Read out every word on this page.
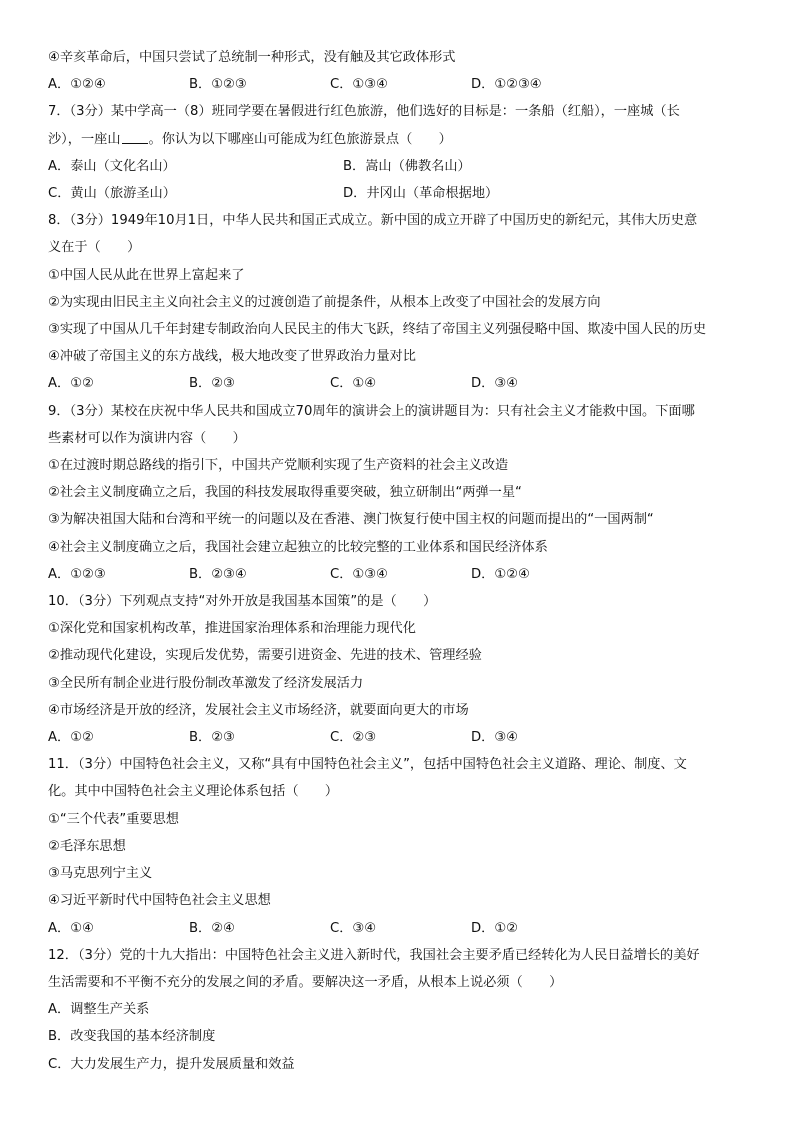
④辛亥革命后，中国只尝试了总统制一种形式，没有触及其它政体形式
A．①②④	B．①②③	C．①③④	D．①②③④
7．（3分）某中学高一（8）班同学要在暑假进行红色旅游，他们选好的目标是：一条船（红船），一座城（长
沙），一座山 。你认为以下哪座山可能成为红色旅游景点（　　）
A．泰山（文化名山）	B．嵩山（佛教名山）
C．黄山（旅游圣山）	D．井冈山（革命根据地）
8．（3分）1949年10月1日，中华人民共和国正式成立。新中国的成立开辟了中国历史的新纪元，其伟大历史意
义在于（　　）
①中国人民从此在世界上富起来了
②为实现由旧民主主义向社会主义的过渡创造了前提条件，从根本上改变了中国社会的发展方向
③实现了中国从几千年封建专制政治向人民民主的伟大飞跃，终结了帝国主义列强侵略中国、欺凌中国人民的历史
④冲破了帝国主义的东方战线，极大地改变了世界政治力量对比
A．①②	B．②③	C．①④	D．③④
9．（3分）某校在庆祝中华人民共和国成立70周年的演讲会上的演讲题目为：只有社会主义才能救中国。下面哪
些素材可以作为演讲内容（　　）
①在过渡时期总路线的指引下，中国共产党顺利实现了生产资料的社会主义改造
②社会主义制度确立之后，我国的科技发展取得重要突破，独立研制出“两弹一星“
③为解决祖国大陆和台湾和平统一的问题以及在香港、澳门恢复行使中国主权的问题而提出的“一国两制“
④社会主义制度确立之后，我国社会建立起独立的比较完整的工业体系和国民经济体系
A．①②③	B．②③④	C．①③④	D．①②④
10．（3分）下列观点支持“对外开放是我国基本国策”的是（　　）
①深化党和国家机构改革，推进国家治理体系和治理能力现代化
②推动现代化建设，实现后发优势，需要引进资金、先进的技术、管理经验
③全民所有制企业进行股份制改革激发了经济发展活力
④市场经济是开放的经济，发展社会主义市场经济，就要面向更大的市场
A．①②	B．②③	C．②③	D．③④
11．（3分）中国特色社会主义，又称“具有中国特色社会主义”，包括中国特色社会主义道路、理论、制度、文
化。其中中国特色社会主义理论体系包括（　　）
①“三个代表”重要思想
②毛泽东思想
③马克思列宁主义
④习近平新时代中国特色社会主义思想
A．①④	B．②④	C．③④	D．①②
12．（3分）党的十九大指出：中国特色社会主义进入新时代，我国社会主要矛盾已经转化为人民日益增长的美好
生活需要和不平衡不充分的发展之间的矛盾。要解决这一矛盾，从根本上说必须（　　）
A．调整生产关系
B．改变我国的基本经济制度
C．大力发展生产力，提升发展质量和效益
